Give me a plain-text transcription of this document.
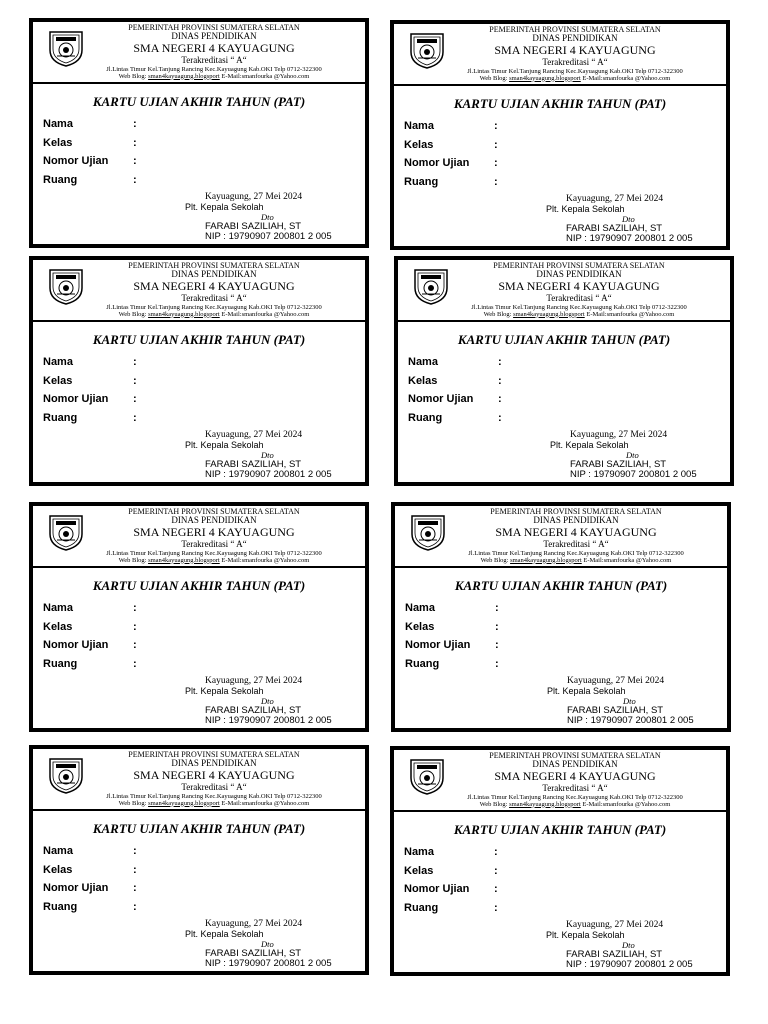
PEMERINTAH PROVINSI SUMATERA SELATAN
DINAS PENDIDIKAN
SMA NEGERI 4 KAYUAGUNG
Terakreditasi “ A“
Jl.Lintas Timur Kel.Tanjung Rancing Kec.Kayuagung Kab.OKI Telp 0712-322300
Web Blog: sman4kayuagung.blogsport E-Mail:smanfourka @Yahoo.com
KARTU UJIAN AKHIR TAHUN (PAT)
Nama	:
Kelas	:
Nomor Ujian :
Ruang	:
Kayuagung, 27 Mei 2024
Plt. Kepala Sekolah
Dto
FARABI SAZILIAH, ST
NIP : 19790907 200801 2 005
PEMERINTAH PROVINSI SUMATERA SELATAN
DINAS PENDIDIKAN
SMA NEGERI 4 KAYUAGUNG
Terakreditasi “ A“
Jl.Lintas Timur Kel.Tanjung Rancing Kec.Kayuagung Kab.OKI Telp 0712-322300
Web Blog: sman4kayuagung.blogsport E-Mail:smanfourka @Yahoo.com
KARTU UJIAN AKHIR TAHUN (PAT)
Nama	:
Kelas	:
Nomor Ujian :
Ruang	:
Kayuagung, 27 Mei 2024
Plt. Kepala Sekolah
Dto
FARABI SAZILIAH, ST
NIP : 19790907 200801 2 005
PEMERINTAH PROVINSI SUMATERA SELATAN
DINAS PENDIDIKAN
SMA NEGERI 4 KAYUAGUNG
Terakreditasi “ A“
Jl.Lintas Timur Kel.Tanjung Rancing Kec.Kayuagung Kab.OKI Telp 0712-322300
Web Blog: sman4kayuagung.blogsport E-Mail:smanfourka @Yahoo.com
KARTU UJIAN AKHIR TAHUN (PAT)
Nama	:
Kelas	:
Nomor Ujian :
Ruang	:
Kayuagung, 27 Mei 2024
Plt. Kepala Sekolah
Dto
FARABI SAZILIAH, ST
NIP : 19790907 200801 2 005
PEMERINTAH PROVINSI SUMATERA SELATAN
DINAS PENDIDIKAN
SMA NEGERI 4 KAYUAGUNG
Terakreditasi “ A“
Jl.Lintas Timur Kel.Tanjung Rancing Kec.Kayuagung Kab.OKI Telp 0712-322300
Web Blog: sman4kayuagung.blogsport E-Mail:smanfourka @Yahoo.com
KARTU UJIAN AKHIR TAHUN (PAT)
Nama	:
Kelas	:
Nomor Ujian :
Ruang	:
Kayuagung, 27 Mei 2024
Plt. Kepala Sekolah
Dto
FARABI SAZILIAH, ST
NIP : 19790907 200801 2 005
PEMERINTAH PROVINSI SUMATERA SELATAN
DINAS PENDIDIKAN
SMA NEGERI 4 KAYUAGUNG
Terakreditasi “ A“
Jl.Lintas Timur Kel.Tanjung Rancing Kec.Kayuagung Kab.OKI Telp 0712-322300
Web Blog: sman4kayuagung.blogsport E-Mail:smanfourka @Yahoo.com
KARTU UJIAN AKHIR TAHUN (PAT)
Nama	:
Kelas	:
Nomor Ujian :
Ruang	:
Kayuagung, 27 Mei 2024
Plt. Kepala Sekolah
Dto
FARABI SAZILIAH, ST
NIP : 19790907 200801 2 005
PEMERINTAH PROVINSI SUMATERA SELATAN
DINAS PENDIDIKAN
SMA NEGERI 4 KAYUAGUNG
Terakreditasi “ A“
Jl.Lintas Timur Kel.Tanjung Rancing Kec.Kayuagung Kab.OKI Telp 0712-322300
Web Blog: sman4kayuagung.blogsport E-Mail:smanfourka @Yahoo.com
KARTU UJIAN AKHIR TAHUN (PAT)
Nama	:
Kelas	:
Nomor Ujian :
Ruang	:
Kayuagung, 27 Mei 2024
Plt. Kepala Sekolah
Dto
FARABI SAZILIAH, ST
NIP : 19790907 200801 2 005
PEMERINTAH PROVINSI SUMATERA SELATAN
DINAS PENDIDIKAN
SMA NEGERI 4 KAYUAGUNG
Terakreditasi “ A“
Jl.Lintas Timur Kel.Tanjung Rancing Kec.Kayuagung Kab.OKI Telp 0712-322300
Web Blog: sman4kayuagung.blogsport E-Mail:smanfourka @Yahoo.com
KARTU UJIAN AKHIR TAHUN (PAT)
Nama	:
Kelas	:
Nomor Ujian :
Ruang	:
Kayuagung, 27 Mei 2024
Plt. Kepala Sekolah
Dto
FARABI SAZILIAH, ST
NIP : 19790907 200801 2 005
PEMERINTAH PROVINSI SUMATERA SELATAN
DINAS PENDIDIKAN
SMA NEGERI 4 KAYUAGUNG
Terakreditasi “ A“
Jl.Lintas Timur Kel.Tanjung Rancing Kec.Kayuagung Kab.OKI Telp 0712-322300
Web Blog: sman4kayuagung.blogsport E-Mail:smanfourka @Yahoo.com
KARTU UJIAN AKHIR TAHUN (PAT)
Nama	:
Kelas	:
Nomor Ujian :
Ruang	:
Kayuagung, 27 Mei 2024
Plt. Kepala Sekolah
Dto
FARABI SAZILIAH, ST
NIP : 19790907 200801 2 005
